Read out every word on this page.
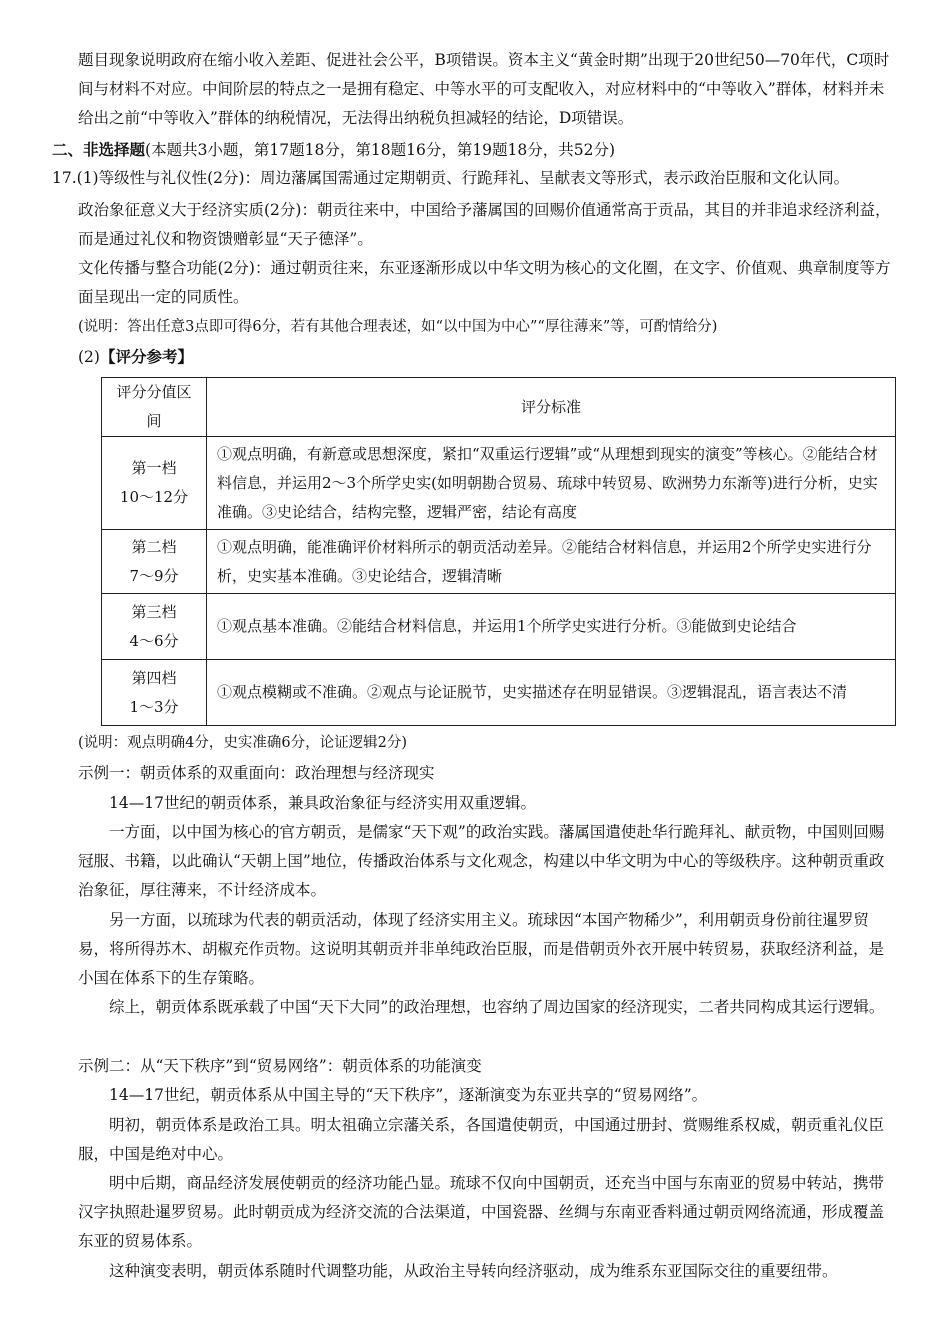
题目现象说明政府在缩小收入差距、促进社会公平，B项错误。资本主义“黄金时期”出现于20世纪50—70年代，C项时间与材料不对应。中间阶层的特点之一是拥有稳定、中等水平的可支配收入，对应材料中的“中等收入”群体，材料并未给出之前“中等收入”群体的纳税情况，无法得出纳税负担减轻的结论，D项错误。

二、非选择题(本题共3小题，第17题18分，第18题16分，第19题18分，共52分)

17.(1)等级性与礼仪性(2分)：周边藩属国需通过定期朝贡、行跪拜礼、呈献表文等形式，表示政治臣服和文化认同。

政治象征意义大于经济实质(2分)：朝贡往来中，中国给予藩属国的回赐价值通常高于贡品，其目的并非追求经济利益，而是通过礼仪和物资馈赠彰显“天子德泽”。

文化传播与整合功能(2分)：通过朝贡往来，东亚逐渐形成以中华文明为核心的文化圈，在文字、价值观、典章制度等方面呈现出一定的同质性。

(说明：答出任意3点即可得6分，若有其他合理表述，如“以中国为中心”“厚往薄来”等，可酌情给分)

(2)【评分参考】

评分分值区间	评分标准

第一档
10～12分	①观点明确，有新意或思想深度，紧扣“双重运行逻辑”或“从理想到现实的演变”等核心。②能结合材料信息，并运用2～3个所学史实(如明朝勘合贸易、琉球中转贸易、欧洲势力东渐等)进行分析，史实准确。③史论结合，结构完整，逻辑严密，结论有高度

第二档
7～9分	①观点明确，能准确评价材料所示的朝贡活动差异。②能结合材料信息，并运用2个所学史实进行分析，史实基本准确。③史论结合，逻辑清晰

第三档
4～6分	①观点基本准确。②能结合材料信息，并运用1个所学史实进行分析。③能做到史论结合

第四档
1～3分	①观点模糊或不准确。②观点与论证脱节，史实描述存在明显错误。③逻辑混乱，语言表达不清

(说明：观点明确4分，史实准确6分，论证逻辑2分)

示例一：朝贡体系的双重面向：政治理想与经济现实

14—17世纪的朝贡体系，兼具政治象征与经济实用双重逻辑。

一方面，以中国为核心的官方朝贡，是儒家“天下观”的政治实践。藩属国遣使赴华行跪拜礼、献贡物，中国则回赐冠服、书籍，以此确认“天朝上国”地位，传播政治体系与文化观念，构建以中华文明为中心的等级秩序。这种朝贡重政治象征，厚往薄来，不计经济成本。

另一方面，以琉球为代表的朝贡活动，体现了经济实用主义。琉球因“本国产物稀少”，利用朝贡身份前往暹罗贸易，将所得苏木、胡椒充作贡物。这说明其朝贡并非单纯政治臣服，而是借朝贡外衣开展中转贸易，获取经济利益，是小国在体系下的生存策略。

综上，朝贡体系既承载了中国“天下大同”的政治理想，也容纳了周边国家的经济现实，二者共同构成其运行逻辑。

示例二：从“天下秩序”到“贸易网络”：朝贡体系的功能演变

14—17世纪，朝贡体系从中国主导的“天下秩序”，逐渐演变为东亚共享的“贸易网络”。

明初，朝贡体系是政治工具。明太祖确立宗藩关系，各国遣使朝贡，中国通过册封、赏赐维系权威，朝贡重礼仪臣服，中国是绝对中心。

明中后期，商品经济发展使朝贡的经济功能凸显。琉球不仅向中国朝贡，还充当中国与东南亚的贸易中转站，携带汉字执照赴暹罗贸易。此时朝贡成为经济交流的合法渠道，中国瓷器、丝绸与东南亚香料通过朝贡网络流通，形成覆盖东亚的贸易体系。

这种演变表明，朝贡体系随时代调整功能，从政治主导转向经济驱动，成为维系东亚国际交往的重要纽带。
